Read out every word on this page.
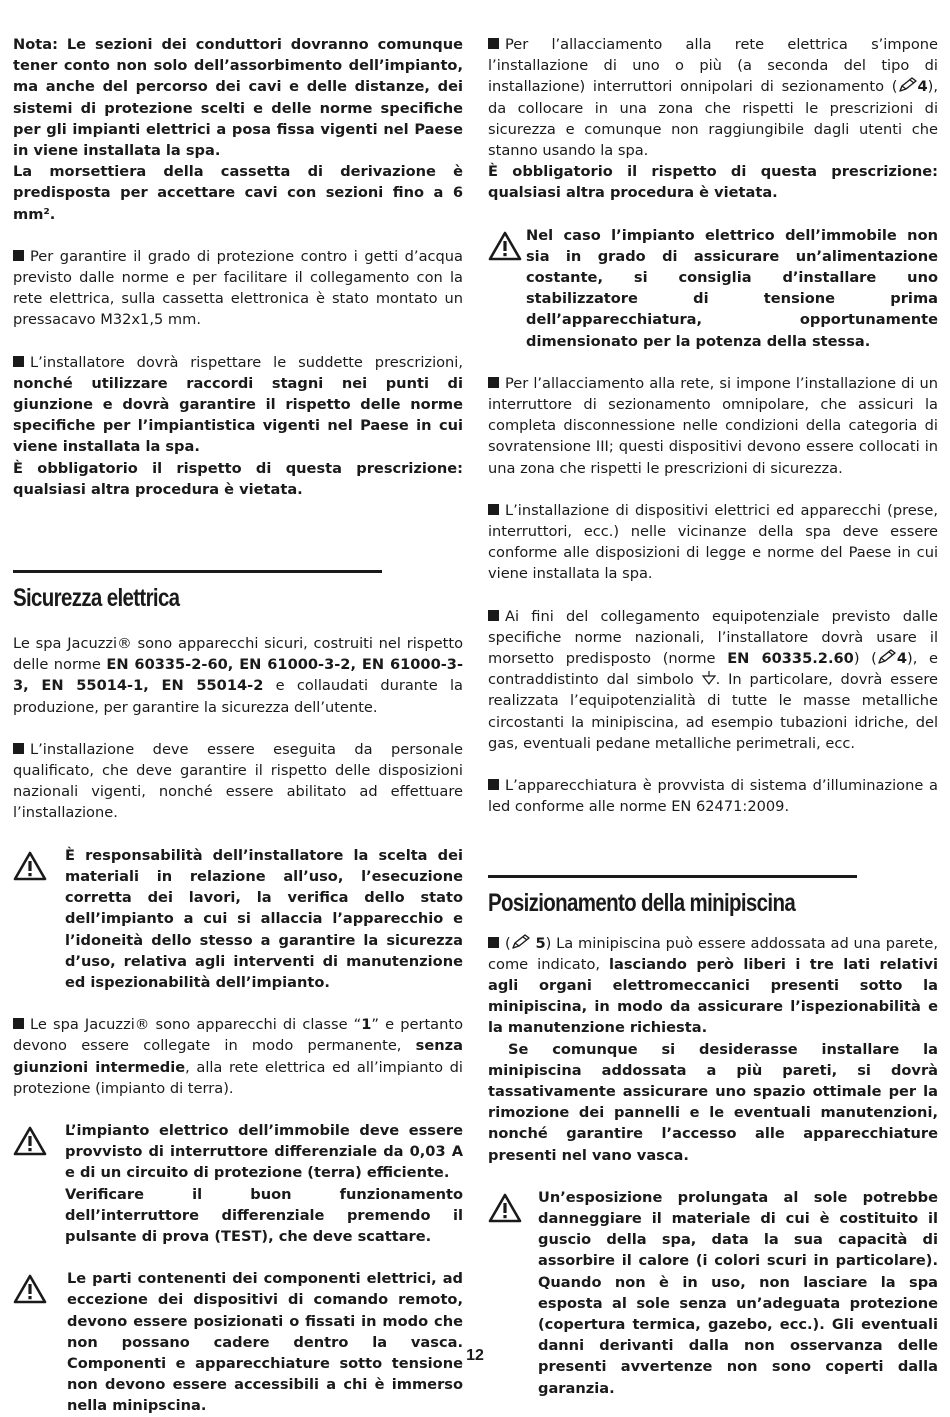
Nota: Le sezioni dei conduttori dovranno comunque tener conto non solo dell’assorbimento dell’impianto, ma anche del percorso dei cavi e delle distanze, dei sistemi di protezione scelti e delle norme specifiche per gli impianti elettrici a posa fissa vigenti nel Paese in viene installata la spa.

La morsettiera della cassetta di derivazione è predisposta per accettare cavi con sezioni fino a 6 mm².

Per garantire il grado di protezione contro i getti d’acqua previsto dalle norme e per facilitare il collegamento con la rete elettrica, sulla cassetta elettronica è stato montato un pressacavo M32x1,5 mm.

L’installatore dovrà rispettare le suddette prescrizioni, nonché utilizzare raccordi stagni nei punti di giunzione e dovrà garantire il rispetto delle norme specifiche per l’impiantistica vigenti nel Paese in cui viene installata la spa.

È obbligatorio il rispetto di questa prescrizione: qualsiasi altra procedura è vietata.

Sicurezza elettrica

Le spa Jacuzzi® sono apparecchi sicuri, costruiti nel rispetto delle norme EN 60335-2-60, EN 61000-3-2, EN 61000-3-3, EN 55014-1, EN 55014-2 e collaudati durante la produzione, per garantire la sicurezza dell’utente.

L’installazione deve essere eseguita da personale qualificato, che deve garantire il rispetto delle disposizioni nazionali vigenti, nonché essere abilitato ad effettuare l’installazione.

È responsabilità dell’installatore la scelta dei materiali in relazione all’uso, l’esecuzione corretta dei lavori, la verifica dello stato dell’impianto a cui si allaccia l’apparecchio e l’idoneità dello stesso a garantire la sicurezza d’uso, relativa agli interventi di manutenzione ed ispezionabilità dell’impianto.

Le spa Jacuzzi® sono apparecchi di classe “1” e pertanto devono essere collegate in modo permanente, senza giunzioni intermedie, alla rete elettrica ed all’impianto di protezione (impianto di terra).

L’impianto elettrico dell’immobile deve essere provvisto di interruttore differenziale da 0,03 A e di un circuito di protezione (terra) efficiente.

Verificare il buon funzionamento dell’interruttore differenziale premendo il pulsante di prova (TEST), che deve scattare.

Le parti contenenti dei componenti elettrici, ad eccezione dei dispositivi di comando remoto, devono essere posizionati o fissati in modo che non possano cadere dentro la vasca. Componenti e apparecchiature sotto tensione non devono essere accessibili a chi è immerso nella minipscina.

Per l’allacciamento alla rete elettrica s’impone l’installazione di uno o più (a seconda del tipo di installazione) interruttori onnipolari di sezionamento ( 4), da collocare in una zona che rispetti le prescrizioni di sicurezza e comunque non raggiungibile dagli utenti che stanno usando la spa.

È obbligatorio il rispetto di questa prescrizione: qualsiasi altra procedura è vietata.

Nel caso l’impianto elettrico dell’immobile non sia in grado di assicurare un’alimentazione costante, si consiglia d’installare uno stabilizzatore di tensione prima dell’apparecchiatura, opportunamente dimensionato per la potenza della stessa.

Per l’allacciamento alla rete, si impone l’installazione di un interruttore di sezionamento omnipolare, che assicuri la completa disconnessione nelle condizioni della categoria di sovratensione III; questi dispositivi devono essere collocati in una zona che rispetti le prescrizioni di sicurezza.

L’installazione di dispositivi elettrici ed apparecchi (prese, interruttori, ecc.) nelle vicinanze della spa deve essere conforme alle disposizioni di legge e norme del Paese in cui viene installata la spa.

Ai fini del collegamento equipotenziale previsto dalle specifiche norme nazionali, l’installatore dovrà usare il morsetto predisposto (norme EN 60335.2.60) ( 4), e contraddistinto dal simbolo . In particolare, dovrà essere realizzata l’equipotenzialità di tutte le masse metalliche circostanti la minipiscina, ad esempio tubazioni idriche, del gas, eventuali pedane metalliche perimetrali, ecc.

L’apparecchiatura è provvista di sistema d’illuminazione a led conforme alle norme EN 62471:2009.

Posizionamento della minipiscina

( 5) La minipiscina può essere addossata ad una parete, come indicato, lasciando però liberi i tre lati relativi agli organi elettromeccanici presenti sotto la minipiscina, in modo da assicurare l’ispezionabilità e la manutenzione richiesta.

Se comunque si desiderasse installare la minipiscina addossata a più pareti, si dovrà tassativamente assicurare uno spazio ottimale per la rimozione dei pannelli e le eventuali manutenzioni, nonché garantire l’accesso alle apparecchiature presenti nel vano vasca.

Un’esposizione prolungata al sole potrebbe danneggiare il materiale di cui è costituito il guscio della spa, data la sua capacità di assorbire il calore (i colori scuri in particolare). Quando non è in uso, non lasciare la spa esposta al sole senza un’adeguata protezione (copertura termica, gazebo, ecc.). Gli eventuali danni derivanti dalla non osservanza delle presenti avvertenze non sono coperti dalla garanzia.

12
